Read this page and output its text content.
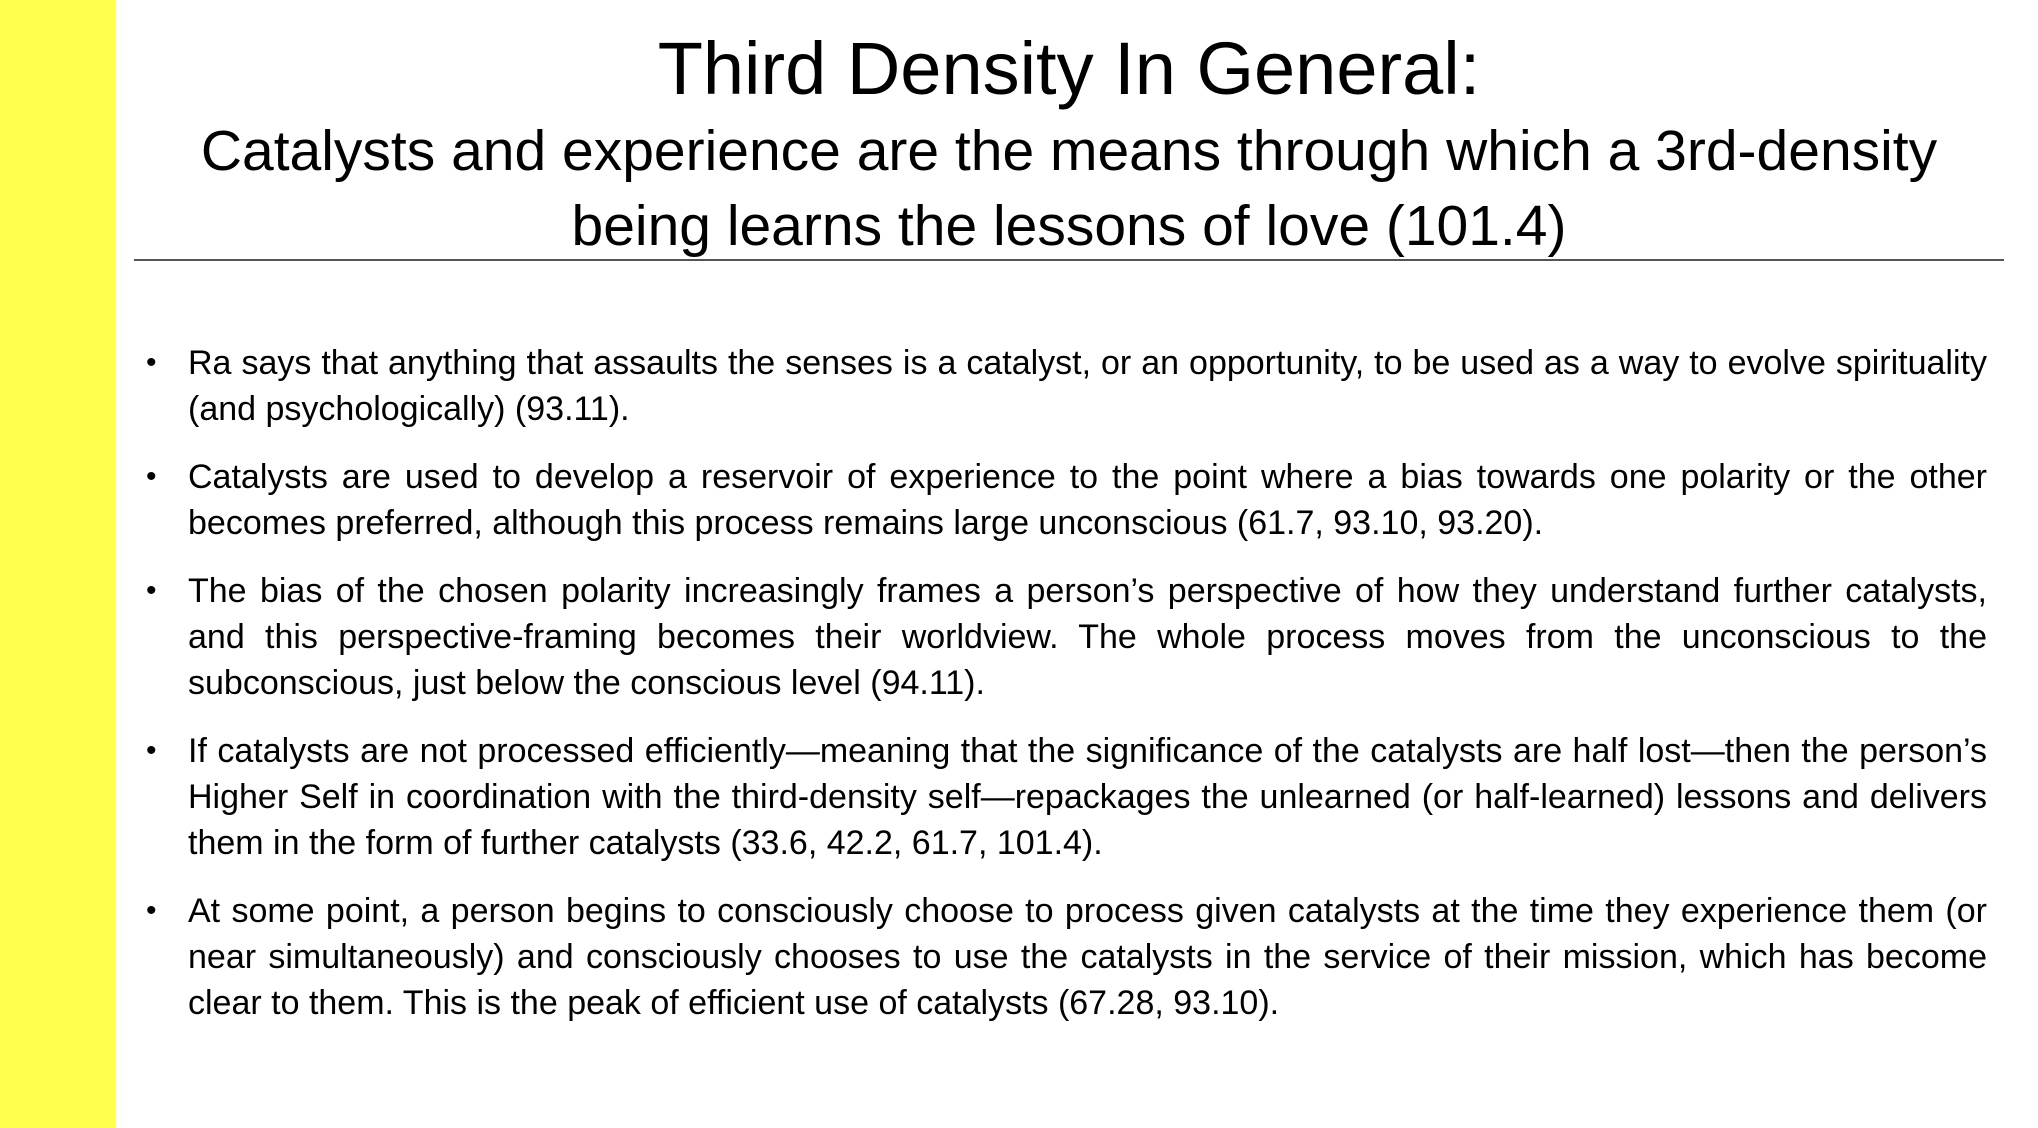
Third Density In General:
Catalysts and experience are the means through which a 3rd-density being learns the lessons of love (101.4)
• Ra says that anything that assaults the senses is a catalyst, or an opportunity, to be used as a way to evolve spirituality (and psychologically) (93.11).
• Catalysts are used to develop a reservoir of experience to the point where a bias towards one polarity or the other becomes preferred, although this process remains large unconscious (61.7, 93.10, 93.20).
• The bias of the chosen polarity increasingly frames a person’s perspective of how they understand further catalysts, and this perspective-framing becomes their worldview. The whole process moves from the unconscious to the subconscious, just below the conscious level (94.11).
• If catalysts are not processed efficiently—meaning that the significance of the catalysts are half lost—then the person’s Higher Self in coordination with the third-density self—repackages the unlearned (or half-learned) lessons and delivers them in the form of further catalysts (33.6, 42.2, 61.7, 101.4).
• At some point, a person begins to consciously choose to process given catalysts at the time they experience them (or near simultaneously) and consciously chooses to use the catalysts in the service of their mission, which has become clear to them. This is the peak of efficient use of catalysts (67.28, 93.10).
